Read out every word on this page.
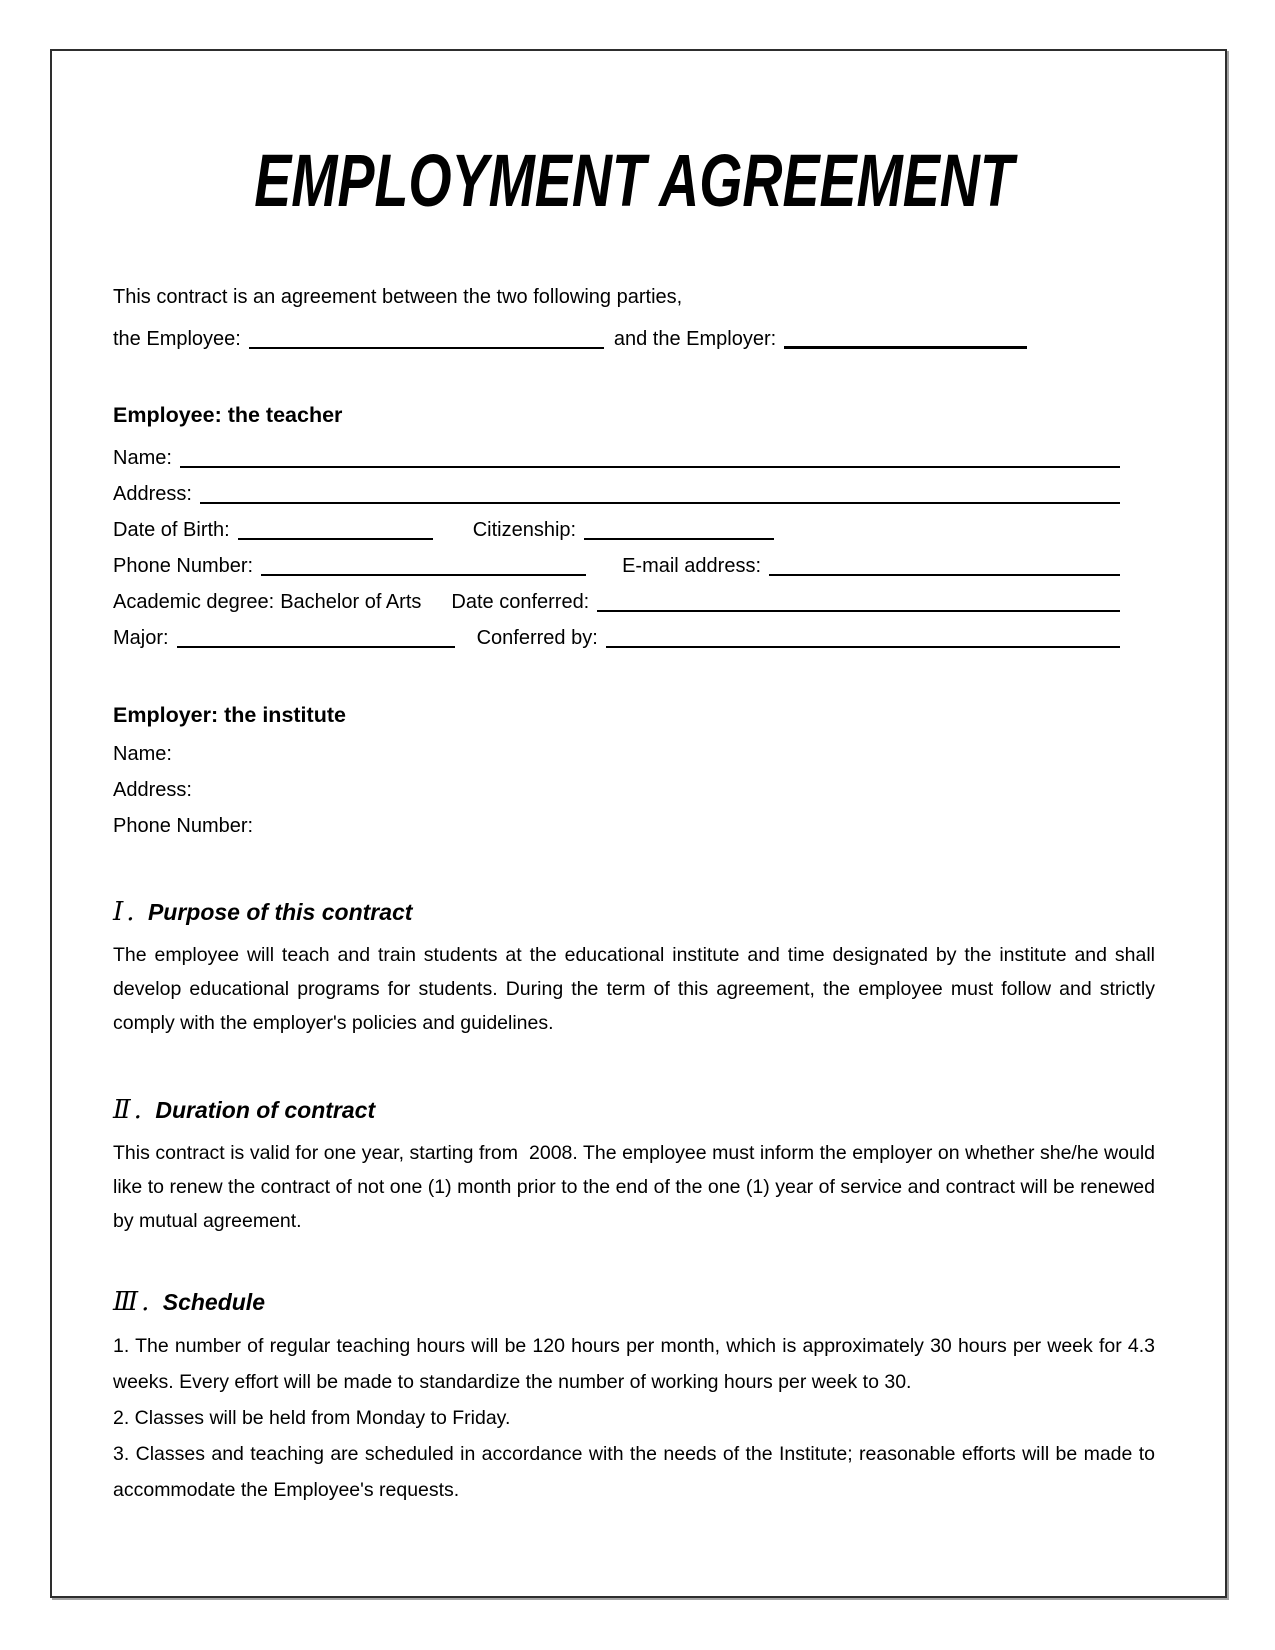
EMPLOYMENT AGREEMENT
This contract is an agreement between the two following parties,
the Employee:	and the Employer:
Employee: the teacher
Name:
Address:
Date of Birth:	Citizenship:
Phone Number:	E-mail address:
Academic degree: Bachelor of Arts Date conferred:
Major:	Conferred by:
Employer: the institute
Name:
Address:
Phone Number:
Ⅰ. Purpose of this contract

The employee will teach and train students at the educational institute and time designated by the institute and shall develop educational programs for students. During the term of this agreement, the employee must follow and strictly comply with the employer's policies and guidelines.

Ⅱ. Duration of contract

This contract is valid for one year, starting from  2008. The employee must inform the employer on whether she/he would like to renew the contract of not one (1) month prior to the end of the one (1) year of service and contract will be renewed by mutual agreement.

Ⅲ. Schedule

1. The number of regular teaching hours will be 120 hours per month, which is approximately 30 hours per week for 4.3 weeks. Every effort will be made to standardize the number of working hours per week to 30.

2. Classes will be held from Monday to Friday.

3. Classes and teaching are scheduled in accordance with the needs of the Institute; reasonable efforts will be made to accommodate the Employee's requests.
